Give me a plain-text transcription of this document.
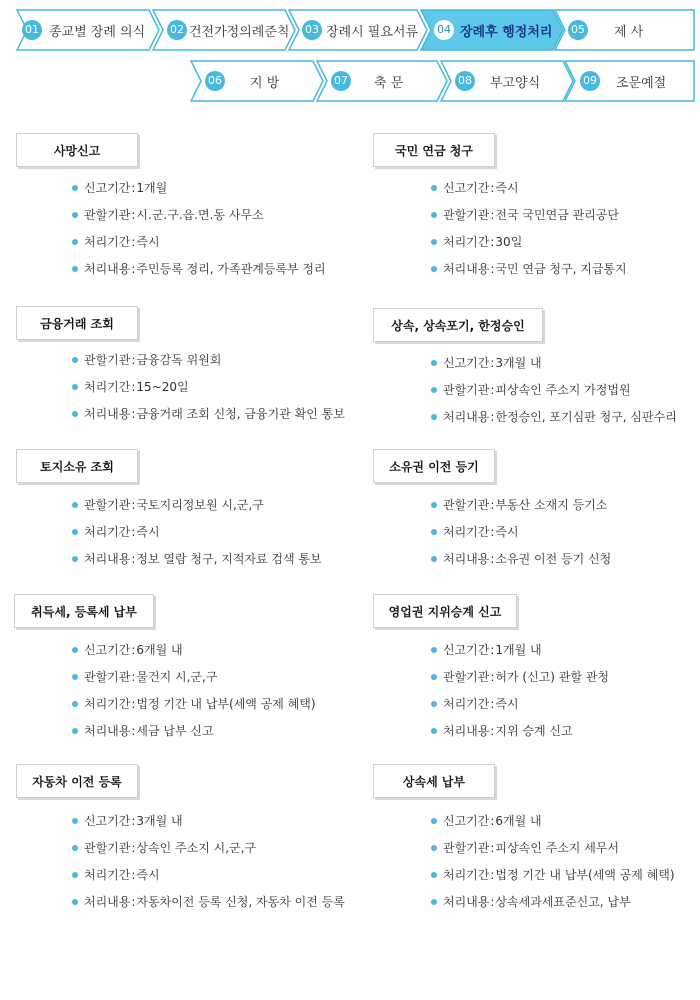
01 종교별 장례 의식 02 건전가정의례준칙 03 장례시 필요서류 04 장례후 행정처리 05 제 사
06 지 방	07 축 문	08 부고양식	09 조문예절
사망신고
신고기간 : 1개월
관할기관 : 시.군.구.읍.면.동 사무소
처리기간 : 즉시
처리내용 : 주민등록 정리, 가족관계등록부 정리
국민 연금 청구
신고기간 : 즉시
관할기관 : 전국 국민연금 관리공단
처리기간 : 30일
처리내용 : 국민 연금 청구, 지급통지
금융거래 조회
관할기관 : 금융감독 위원회
처리기간 : 15~20일
처리내용 : 금융거래 조회 신청, 금융기관 확인 통보
상속, 상속포기, 한정승인
신고기간 : 3개월 내
관할기관 : 피상속인 주소지 가정법원
처리내용 : 한정승인, 포기심판 청구, 심판수리
토지소유 조회
관할기관 : 국토지리정보원 시,군,구
처리기간 : 즉시
처리내용 : 정보 열람 청구, 지적자료 검색 통보
소유권 이전 등기
관할기관 : 부동산 소재지 등기소
처리기간 : 즉시
처리내용 : 소유권 이전 등기 신청
취득세, 등록세 납부
신고기간 : 6개월 내
관할기관 : 물건지 시,군,구
처리기간 : 법정 기간 내 납부(세액 공제 혜택)
처리내용 : 세금 납부 신고
영업권 지위승계 신고
신고기간 : 1개월 내
관할기관 : 허가 (신고) 관할 관청
처리기간 : 즉시
처리내용 : 지위 승계 신고
자동차 이전 등록
신고기간 : 3개월 내
관할기관 : 상속인 주소지 시,군,구
처리기간 : 즉시
처리내용 : 자동차이전 등록 신청, 자동차 이전 등록
상속세 납부
신고기간 : 6개월 내
관할기관 : 피상속인 주소지 세무서
처리기간 : 법정 기간 내 납부(세액 공제 혜택)
처리내용 : 상속세과세표준신고, 납부
